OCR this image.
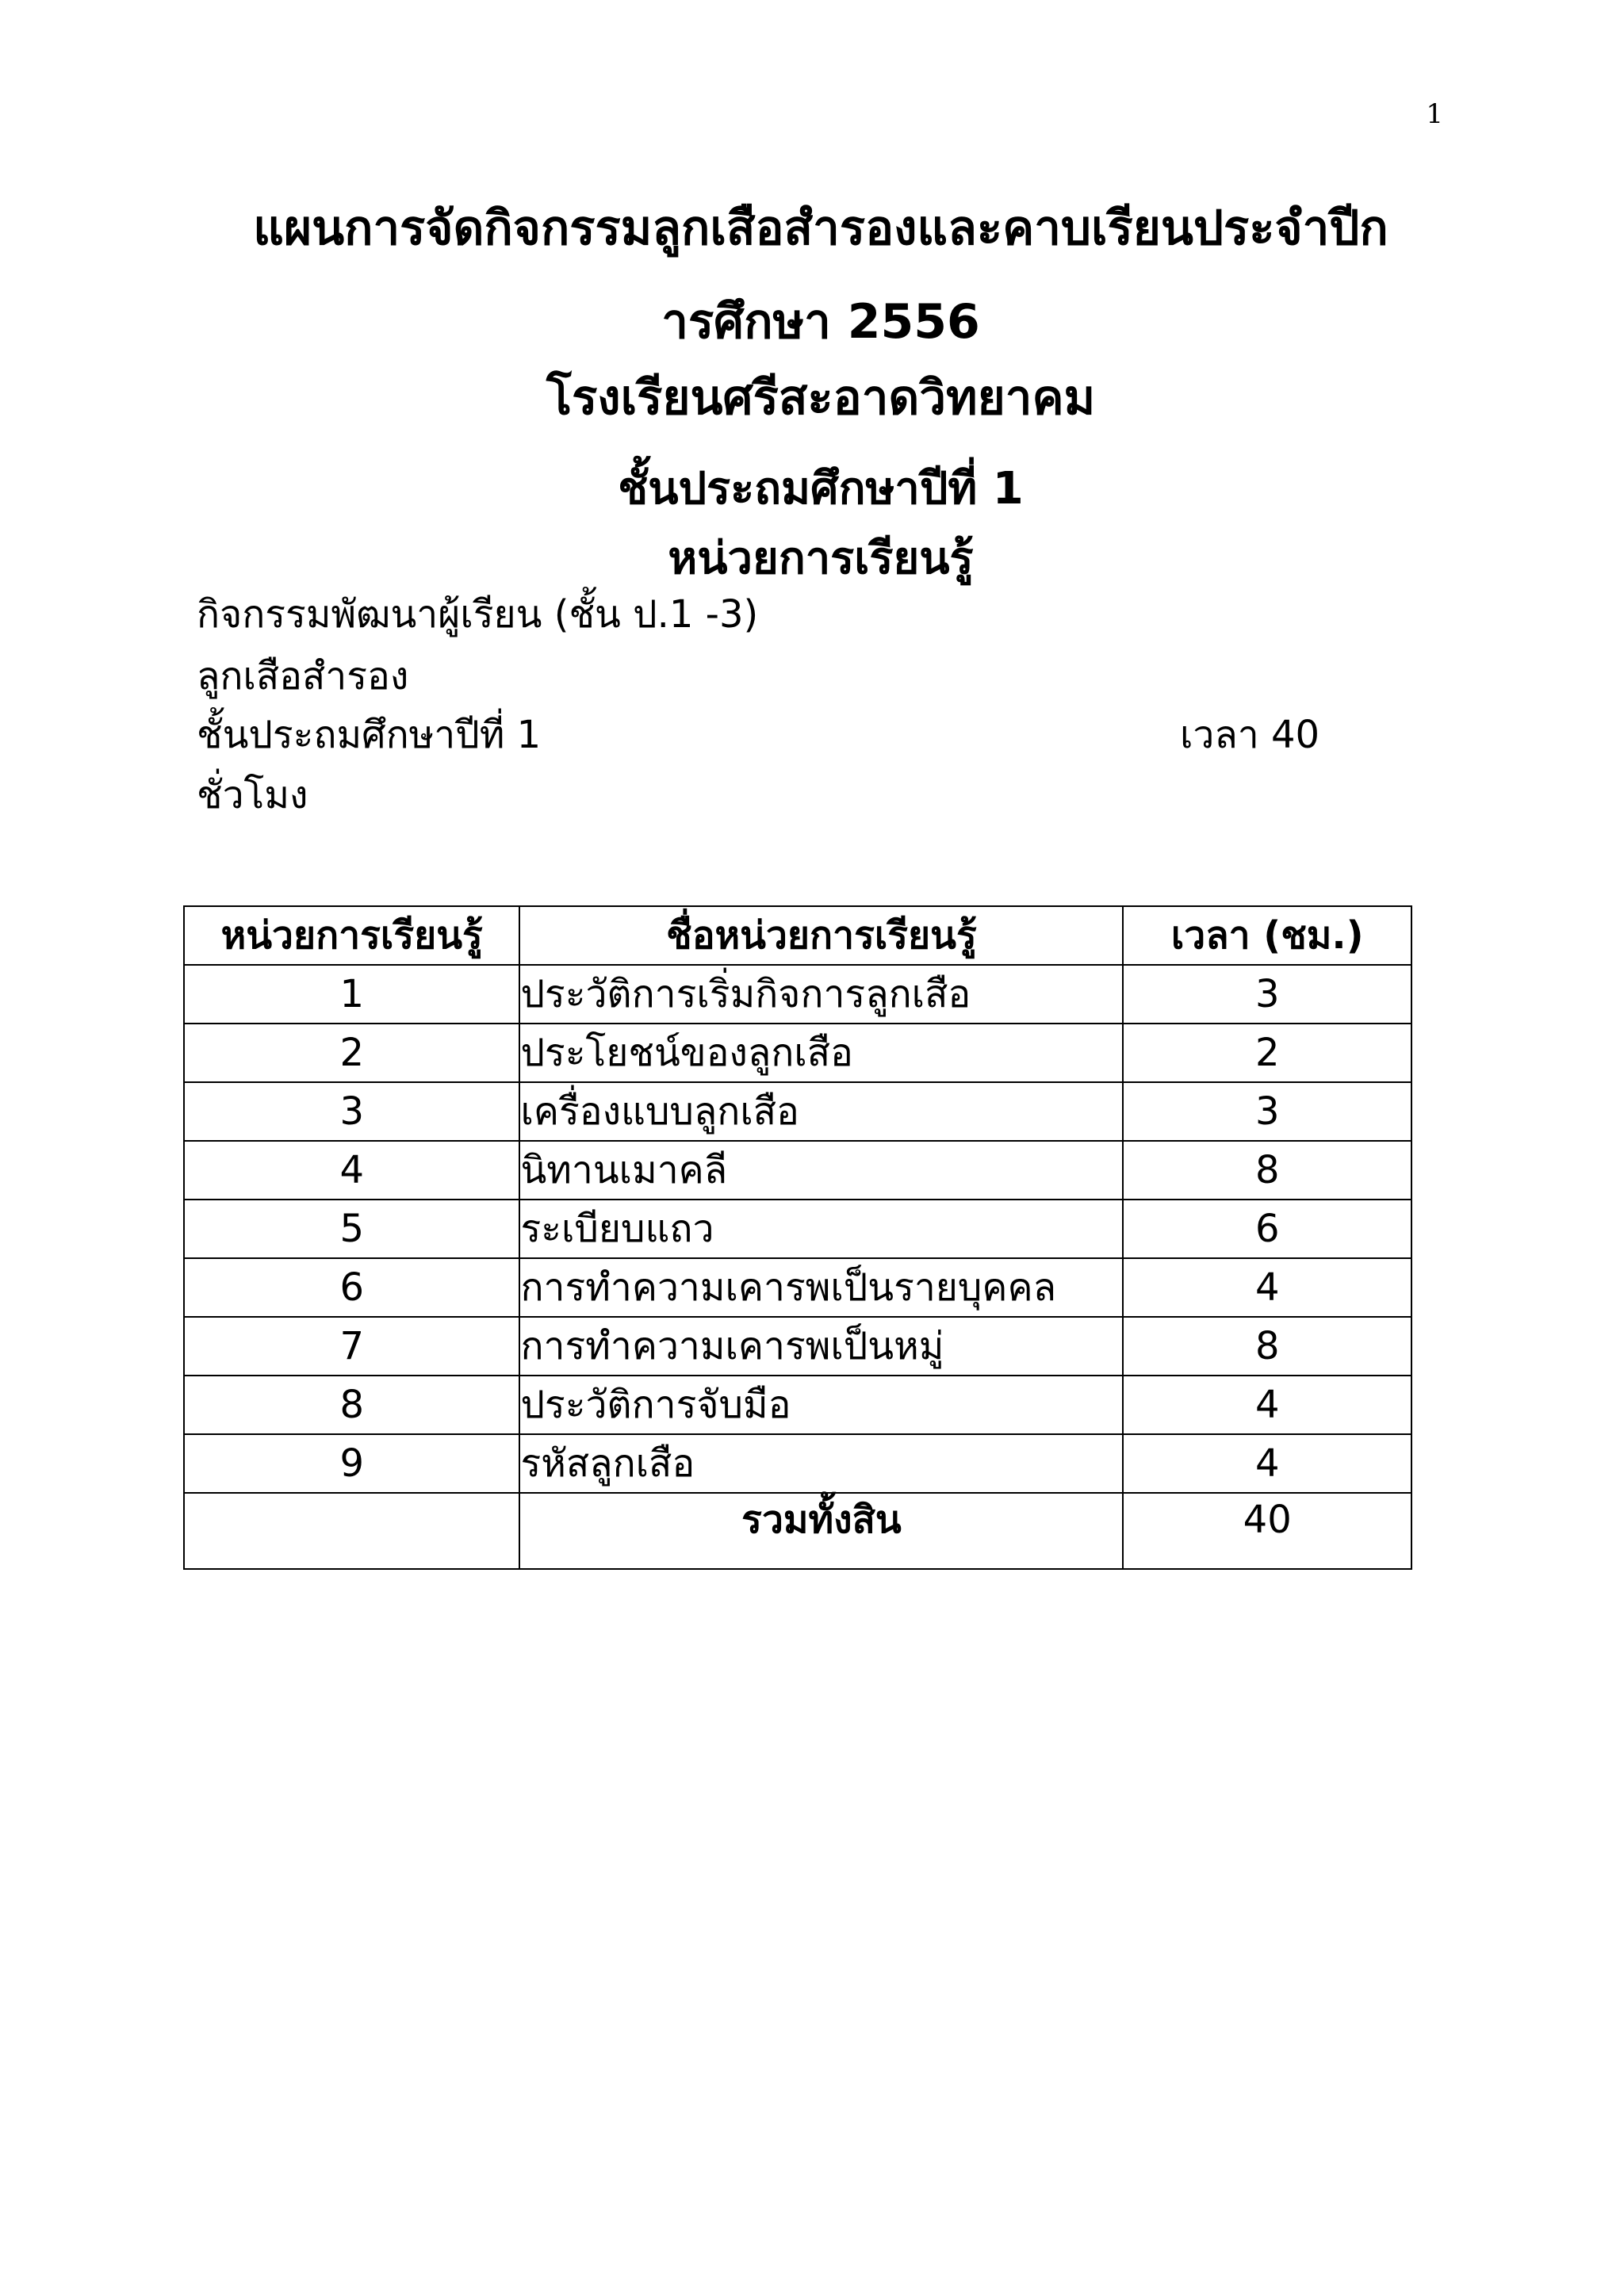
1
แผนการจัดกิจกรรมลูกเสือสำรองและคาบเรียนประจำปีก
ารศึกษา 2556
โรงเรียนศรีสะอาดวิทยาคม
ชั้นประถมศึกษาปีที่ 1
หน่วยการเรียนรู้
กิจกรรมพัฒนาผู้เรียน (ชั้น ป.1 -3)
ลูกเสือสำรอง
ชั้นประถมศึกษาปีที่ 1	เวลา 40
ชั่วโมง
หน่วยการเรียนรู้	ชื่อหน่วยการเรียนรู้	เวลา (ชม.)
1	ประวัติการเริ่มกิจการลูกเสือ	3
2	ประโยชน์ของลูกเสือ	2
3	เครื่องแบบลูกเสือ	3
4	นิทานเมาคลี	8
5	ระเบียบแถว	6
6	การทำความเคารพเป็นรายบุคคล	4
7	การทำความเคารพเป็นหมู่	8
8	ประวัติการจับมือ	4
9	รหัสลูกเสือ	4
	รวมทั้งสิน	40
